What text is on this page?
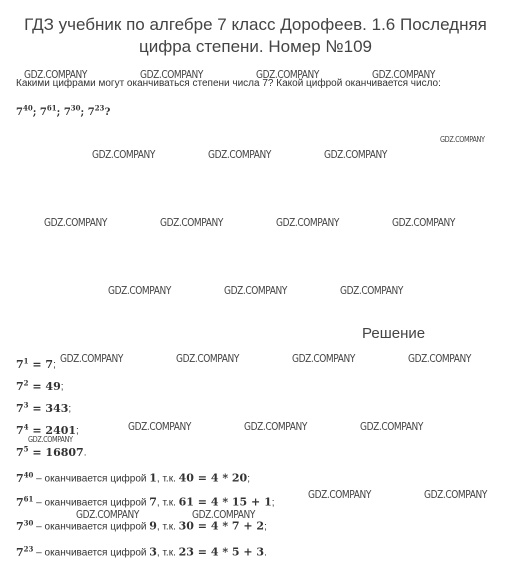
ГДЗ учебник по алгебре 7 класс Дорофеев. 1.6 Последняя
цифра степени. Номер №109
Какими цифрами могут оканчиваться степени числа 7? Какой цифрой оканчивается число:
$7^{40}$; $7^{61}$; $7^{30}$; $7^{23}$?
Решение
$7^1 = 7$;
$7^2 = 49$;
$7^3 = 343$;
$7^4 = 2401$;
$7^5 = 16807$.
$7^{40}$ – оканчивается цифрой 1, т.к. 40 = 4 * 20;
$7^{61}$ – оканчивается цифрой 7, т.к. 61 = 4 * 15 + 1;
$7^{30}$ – оканчивается цифрой 9, т.к. 30 = 4 * 7 + 2;
$7^{23}$ – оканчивается цифрой 3, т.к. 23 = 4 * 5 + 3.
GDZ.COMPANY	GDZ.COMPANY	GDZ.COMPANY	GDZ.COMPANY
GDZ.COMPANY
GDZ.COMPANY	GDZ.COMPANY	GDZ.COMPANY
GDZ.COMPANY	GDZ.COMPANY	GDZ.COMPANY	GDZ.COMPANY
GDZ.COMPANY	GDZ.COMPANY	GDZ.COMPANY
GDZ.COMPANY	GDZ.COMPANY	GDZ.COMPANY	GDZ.COMPANY
GDZ.COMPANY	GDZ.COMPANY	GDZ.COMPANY
GDZ.COMPANY
GDZ.COMPANY	GDZ.COMPANY
GDZ.COMPANY	GDZ.COMPANY
